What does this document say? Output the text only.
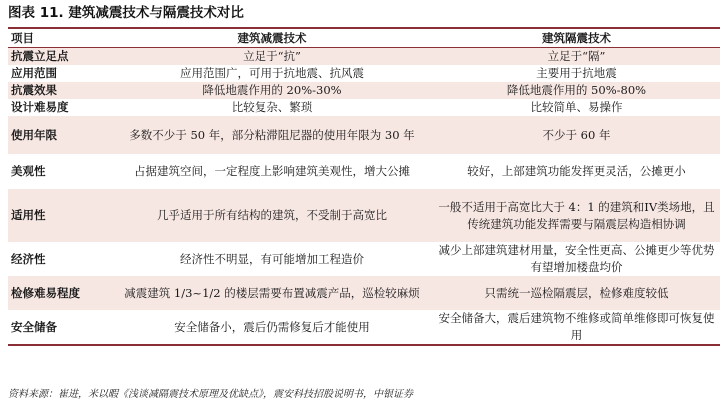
图表 11. 建筑减震技术与隔震技术对比
项目	建筑减震技术	建筑隔震技术
抗震立足点	立足于“抗”	立足于“隔”
应用范围	应用范围广，可用于抗地震、抗风震	主要用于抗地震
抗震效果	降低地震作用的 20%-30%	降低地震作用的 50%-80%
设计难易度	比较复杂、繁琐	比较简单、易操作
使用年限	多数不少于 50 年，部分粘滞阻尼器的使用年限为 30 年	不少于 60 年
美观性	占据建筑空间，一定程度上影响建筑美观性，增大公摊	较好，上部建筑功能发挥更灵活，公摊更小
适用性	几乎适用于所有结构的建筑，不受制于高宽比	一般不适用于高宽比大于 4：1 的建筑和IV类场地，且传统建筑功能发挥需要与隔震层构造相协调
经济性	经济性不明显，有可能增加工程造价	减少上部建筑建材用量，安全性更高、公摊更少等优势有望增加楼盘均价
检修难易程度	减震建筑 1/3~1/2 的楼层需要布置减震产品，巡检较麻烦	只需统一巡检隔震层，检修难度较低
安全储备	安全储备小，震后仍需修复后才能使用	安全储备大，震后建筑物不维修或简单维修即可恢复使用
资料来源：崔进，米以暇《浅谈减隔震技术原理及优缺点》，震安科技招股说明书，中银证券
